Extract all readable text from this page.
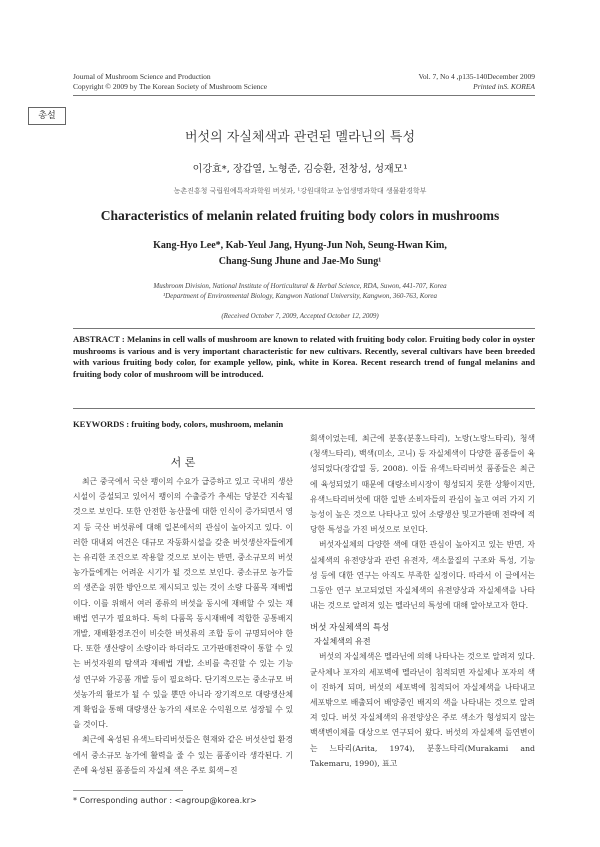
Journal of Mushroom Science and Production
Copyright © 2009 by The Korean Society of Mushroom Science
Vol. 7, No 4 ,p135-140December 2009
Printed inS. KOREA
총설
버섯의 자실체색과 관련된 멜라닌의 특성
이강효*, 장갑열, 노형준, 김승환, 전창성, 성재모¹
농촌진흥청 국립원예특작과학원 버섯과, ¹강원대학교 농업생명과학대 생물환경학부
Characteristics of melanin related fruiting body colors in mushrooms
Kang-Hyo Lee*, Kab-Yeul Jang, Hyung-Jun Noh, Seung-Hwan Kim,
Chang-Sung Jhune and Jae-Mo Sung¹
Mushroom Division, National Institute of Horticultural & Herbal Science, RDA, Suwon, 441-707, Korea
¹Department of Environmental Biology, Kangwon National University, Kangwon, 360-763, Korea
(Received October 7, 2009, Accepted October 12, 2009)
ABSTRACT : Melanins in cell walls of mushroom are known to related with fruiting body color. Fruiting body color in oyster mushrooms is various and is very important characteristic for new cultivars. Recently, several cultivars have been breeded with various fruiting body color, for example yellow, pink, white in Korea. Recent research trend of fungal melanins and fruiting body color of mushroom will be introduced.
KEYWORDS : fruiting body, colors, mushroom, melanin
서 론

최근 중국에서 국산 팽이의 수요가 급증하고 있고 국내의 생산시설이 증설되고 있어서 팽이의 수출증가 추세는 당분간 지속될 것으로 보인다. 또한 안전한 농산물에 대한 인식이 증가되면서 영지 등 국산 버섯류에 대해 일본에서의 관심이 높아지고 있다. 이러한 대내외 여건은 대규모 자동화시설을 갖춘 버섯생산자들에게는 유리한 조건으로 작용할 것으로 보이는 반면, 중소규모의 버섯농가들에게는 어려운 시기가 될 것으로 보인다. 중소규모 농가들의 생존을 위한 방안으로 제시되고 있는 것이 소량 다품목 재배법이다. 이를 위해서 여러 종류의 버섯을 동시에 재배할 수 있는 재배법 연구가 필요하다. 특히 다품목 동시재배에 적합한 공통배지 개발, 재배환경조건이 비슷한 버섯류의 조합 등이 규명되어야 한다. 또한 생산량이 소량이라 하더라도 고가판매전략이 통할 수 있는 버섯자원의 탐색과 재배법 개발, 소비를 촉진할 수 있는 기능성 연구와 가공품 개발 등이 필요하다. 단기적으로는 중소규모 버섯농가의 활로가 될 수 있을 뿐만 아니라 장기적으로 대량생산체계 확립을 통해 대량생산 농가의 새로운 수익원으로 성장될 수 있을 것이다.

최근에 육성된 유색느타리버섯들은 현재와 같은 버섯산업 환경에서 중소규모 농가에 활력을 줄 수 있는 품종이라 생각된다. 기존에 육성된 품종들의 자실체 색은 주로 회색~진

회색이었는데, 최근에 분홍(분홍느타리), 노랑(노랑느타리), 청색(청색느타리), 백색(미소, 고니) 등 자실체색이 다양한 품종들이 육성되었다(장갑열 등, 2008). 이들 유색느타리버섯 품종들은 최근에 육성되었기 때문에 대량소비시장이 형성되지 못한 상황이지만, 유색느타리버섯에 대한 일반 소비자들의 관심이 높고 여러 가지 기능성이 높은 것으로 나타나고 있어 소량생산 및고가판매 전략에 적당한 특성을 가진 버섯으로 보인다.

버섯자실체의 다양한 색에 대한 관심이 높아지고 있는 반면, 자실체색의 유전양상과 관련 유전자, 색소물질의 구조와 특성, 기능성 등에 대한 연구는 아직도 부족한 실정이다. 따라서 이 글에서는 그동안 연구 보고되었던 자실체색의 유전양상과 자실체색을 나타내는 것으로 알려져 있는 멜라닌의 특성에 대해 알아보고자 한다.

버섯 자실체색의 특성

자실체색의 유전

버섯의 자실체색은 멜라닌에 의해 나타나는 것으로 알려져 있다. 균사체나 포자의 세포벽에 멜라닌이 침적되면 자실체나 포자의 색이 진하게 되며, 버섯의 세포벽에 침적되어 자실체색을 나타내고 세포밖으로 배출되어 배양중인 배지의 색을 나타내는 것으로 알려져 있다. 버섯 자실체색의 유전양상은 주로 색소가 형성되지 않는 백색변이체를 대상으로 연구되어 왔다. 버섯의 자실체색 돌연변이는 느타리(Arita, 1974), 분홍느타리(Murakami and Takemaru, 1990), 표고

* Corresponding author : <agroup@korea.kr>
